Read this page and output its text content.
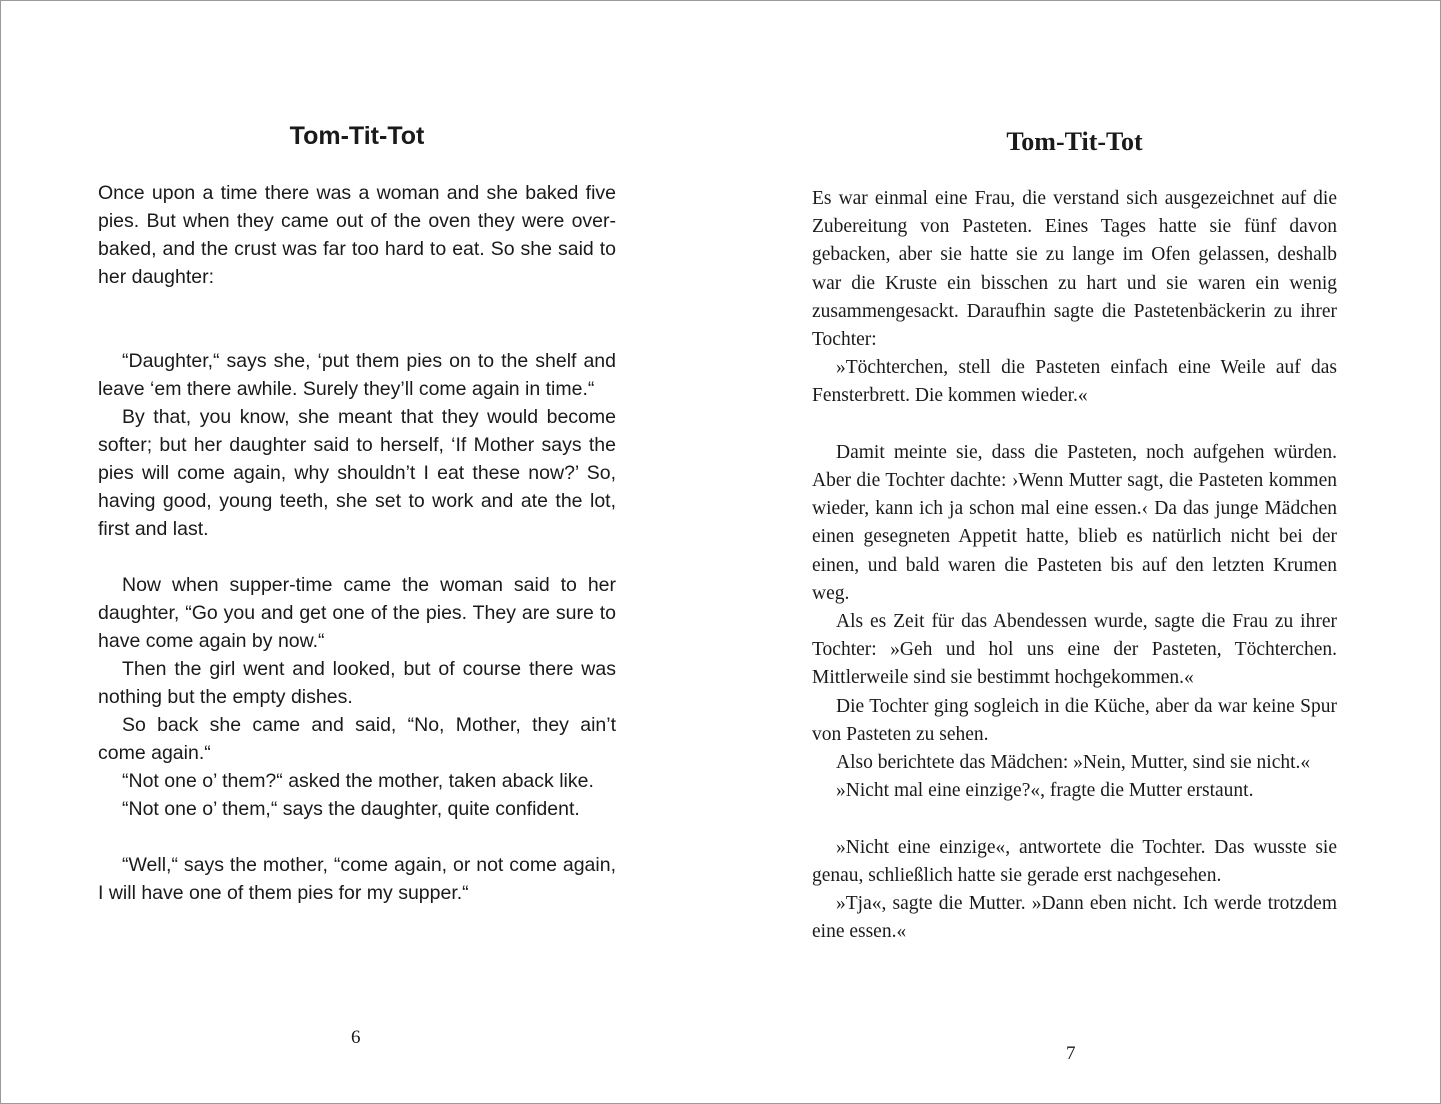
Tom-Tit-Tot

Once upon a time there was a woman and she baked five pies. But when they came out of the oven they were over-baked, and the crust was far too hard to eat. So she said to her daughter:

“Daughter,“ says she, ‘put them pies on to the shelf and leave ‘em there awhile. Surely they’ll come again in time.“

By that, you know, she meant that they would become softer; but her daughter said to herself, ‘If Mother says the pies will come again, why shouldn’t I eat these now?’ So, having good, young teeth, she set to work and ate the lot, first and last.

Now when supper-time came the woman said to her daughter, “Go you and get one of the pies. They are sure to have come again by now.“

Then the girl went and looked, but of course there was nothing but the empty dishes.

So back she came and said, “No, Mother, they ain’t come again.“

“Not one o’ them?“ asked the mother, taken aback like.

“Not one o’ them,“ says the daughter, quite confident.

“Well,“ says the mother, “come again, or not come again, I will have one of them pies for my supper.“

6
Tom-Tit-Tot

Es war einmal eine Frau, die verstand sich ausgezeichnet auf die Zubereitung von Pasteten. Eines Tages hatte sie fünf davon gebacken, aber sie hatte sie zu lange im Ofen gelassen, deshalb war die Kruste ein bisschen zu hart und sie waren ein wenig zusammengesackt. Daraufhin sagte die Pastetenbäckerin zu ihrer Tochter:

»Töchterchen, stell die Pasteten einfach eine Weile auf das Fensterbrett. Die kommen wieder.«

Damit meinte sie, dass die Pasteten, noch aufgehen würden. Aber die Tochter dachte: ›Wenn Mutter sagt, die Pasteten kommen wieder, kann ich ja schon mal eine essen.‹ Da das junge Mädchen einen gesegneten Appetit hatte, blieb es natürlich nicht bei der einen, und bald waren die Pasteten bis auf den letzten Krumen weg.

Als es Zeit für das Abendessen wurde, sagte die Frau zu ihrer Tochter: »Geh und hol uns eine der Pasteten, Töchterchen. Mittlerweile sind sie bestimmt hochgekommen.«

Die Tochter ging sogleich in die Küche, aber da war keine Spur von Pasteten zu sehen.

Also berichtete das Mädchen: »Nein, Mutter, sind sie nicht.«

»Nicht mal eine einzige?«, fragte die Mutter erstaunt.

»Nicht eine einzige«, antwortete die Tochter. Das wusste sie genau, schließlich hatte sie gerade erst nachgesehen.

»Tja«, sagte die Mutter. »Dann eben nicht. Ich werde trotzdem eine essen.«

7
